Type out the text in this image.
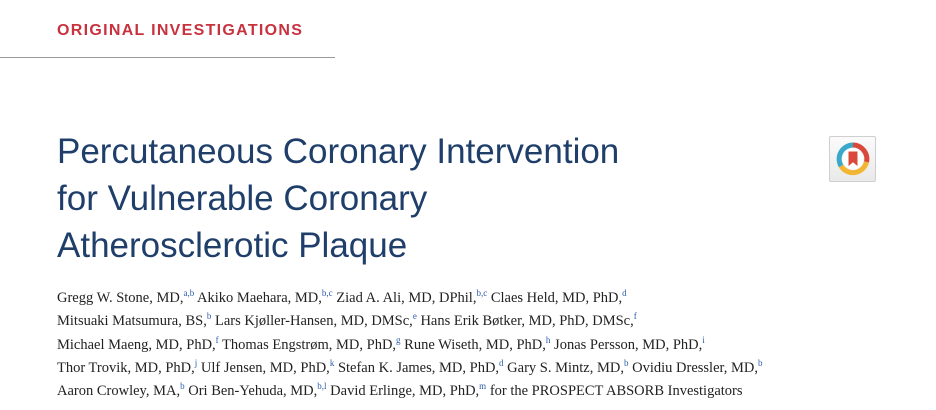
ORIGINAL INVESTIGATIONS
Percutaneous Coronary Intervention
for Vulnerable Coronary
Atherosclerotic Plaque
Gregg W. Stone, MD,$^{a,b}$ Akiko Maehara, MD,$^{b,c}$ Ziad A. Ali, MD, DPhil,$^{b,c}$ Claes Held, MD, PhD,$^d$
Mitsuaki Matsumura, BS,$^b$ Lars Kjøller-Hansen, MD, DMSc,$^e$ Hans Erik Bøtker, MD, PhD, DMSc,$^f$
Michael Maeng, MD, PhD,$^f$ Thomas Engstrøm, MD, PhD,$^g$ Rune Wiseth, MD, PhD,$^h$ Jonas Persson, MD, PhD,$^i$
Thor Trovik, MD, PhD,$^j$ Ulf Jensen, MD, PhD,$^k$ Stefan K. James, MD, PhD,$^d$ Gary S. Mintz, MD,$^b$ Ovidiu Dressler, MD,$^b$
Aaron Crowley, MA,$^b$ Ori Ben-Yehuda, MD,$^{b,l}$ David Erlinge, MD, PhD,$^m$ for the PROSPECT ABSORB Investigators
